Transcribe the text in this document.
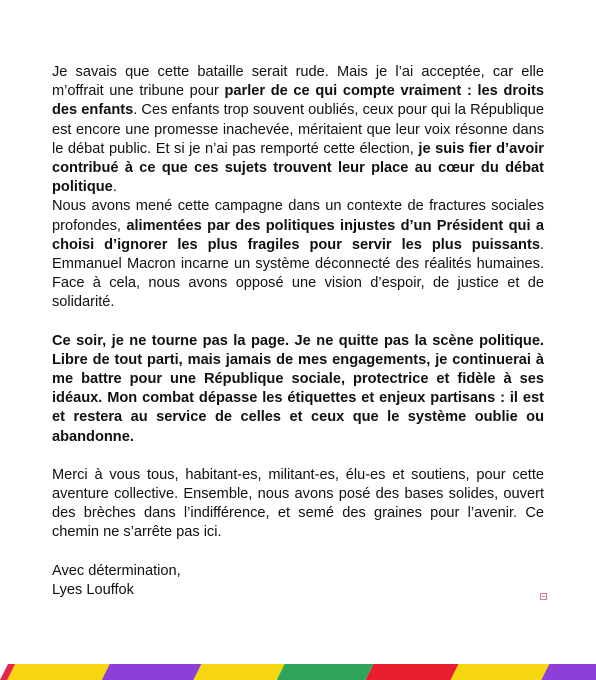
Je savais que cette bataille serait rude. Mais je l’ai acceptée, car elle m’offrait une tribune pour parler de ce qui compte vraiment : les droits des enfants. Ces enfants trop souvent oubliés, ceux pour qui la République est encore une promesse inachevée, méritaient que leur voix résonne dans le débat public. Et si je n’ai pas remporté cette élection, je suis fier d’avoir contribué à ce que ces sujets trouvent leur place au cœur du débat politique.

Nous avons mené cette campagne dans un contexte de fractures sociales profondes, alimentées par des politiques injustes d’un Président qui a choisi d’ignorer les plus fragiles pour servir les plus puissants. Emmanuel Macron incarne un système déconnecté des réalités humaines. Face à cela, nous avons opposé une vision d’espoir, de justice et de solidarité.

Ce soir, je ne tourne pas la page. Je ne quitte pas la scène politique. Libre de tout parti, mais jamais de mes engagements, je continuerai à me battre pour une République sociale, protectrice et fidèle à ses idéaux. Mon combat dépasse les étiquettes et enjeux partisans : il est et restera au service de celles et ceux que le système oublie ou abandonne.

Merci à vous tous, habitant-es, militant-es, élu-es et soutiens, pour cette aventure collective. Ensemble, nous avons posé des bases solides, ouvert des brèches dans l’indifférence, et semé des graines pour l’avenir. Ce chemin ne s’arrête pas ici.

Avec détermination,

Lyes Louffok
